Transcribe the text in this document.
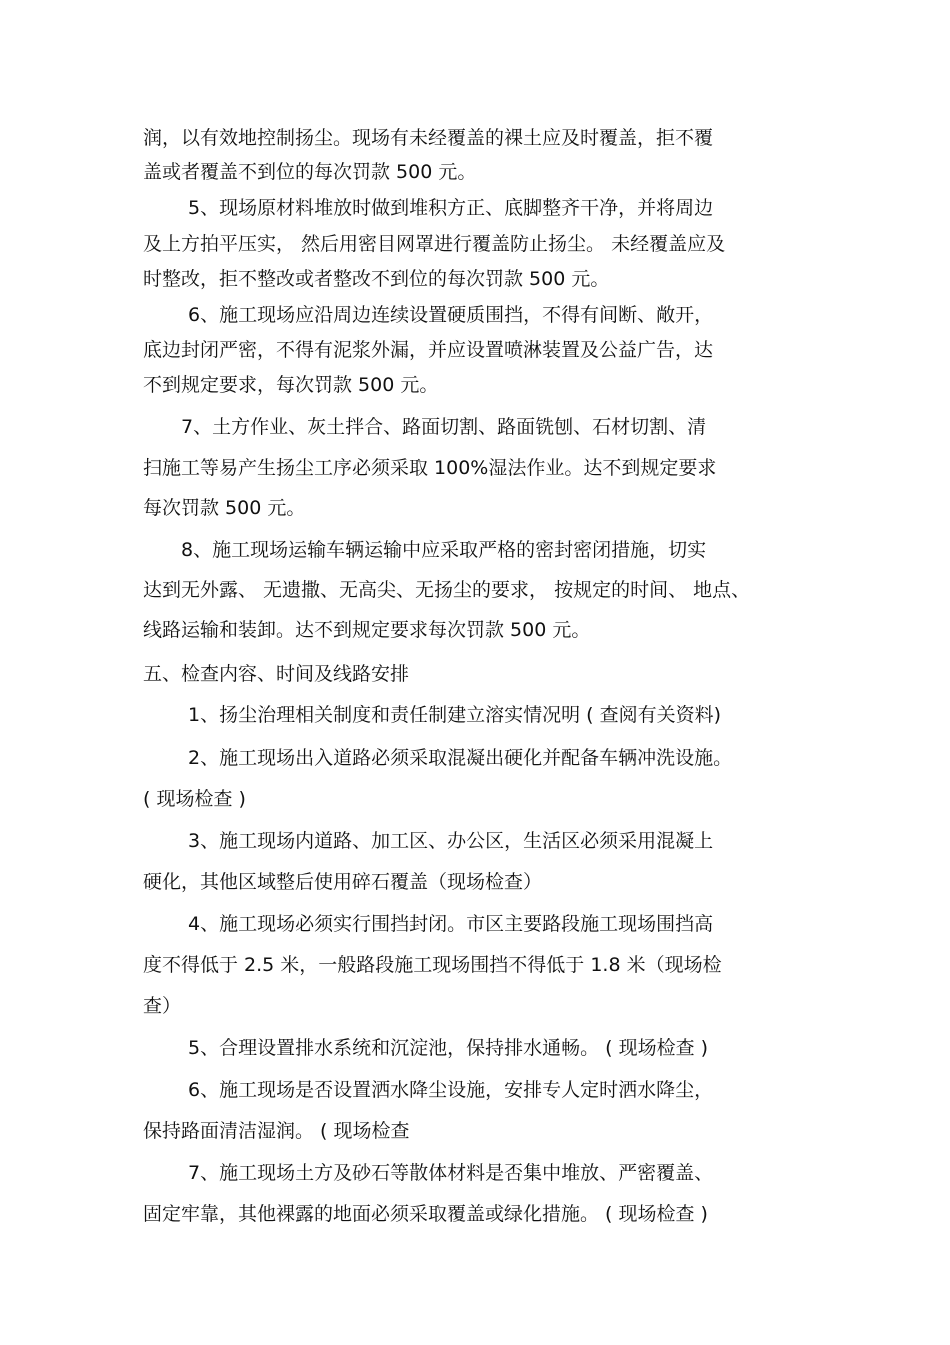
润，以有效地控制扬尘。现场有未经覆盖的裸土应及时覆盖，拒不覆
盖或者覆盖不到位的每次罚款 500 元。
5、现场原材料堆放时做到堆积方正、底脚整齐干净，并将周边
及上方拍平压实， 然后用密目网罩进行覆盖防止扬尘。 未经覆盖应及
时整改，拒不整改或者整改不到位的每次罚款 500 元。
6、施工现场应沿周边连续设置硬质围挡，不得有间断、敞开，
底边封闭严密，不得有泥浆外漏，并应设置喷淋装置及公益广告，达
不到规定要求，每次罚款 500 元。
7、土方作业、灰土拌合、路面切割、路面铣刨、石材切割、清
扫施工等易产生扬尘工序必须采取 100%湿法作业。达不到规定要求
每次罚款 500 元。
8、施工现场运输车辆运输中应采取严格的密封密闭措施，切实
达到无外露、 无遗撒、无高尖、无扬尘的要求， 按规定的时间、 地点、
线路运输和装卸。达不到规定要求每次罚款 500 元。
五、检查内容、时间及线路安排
1、扬尘治理相关制度和责任制建立溶实情况明 ( 查阅有关资料)
2、施工现场出入道路必须采取混凝出硬化并配备车辆冲洗设施。
( 现场检查 )
3、施工现场内道路、加工区、办公区，生活区必须采用混凝上
硬化，其他区域整后使用碎石覆盖（现场检查）
4、施工现场必须实行围挡封闭。市区主要路段施工现场围挡高
度不得低于 2.5 米，一般路段施工现场围挡不得低于 1.8 米（现场检
查）
5、合理设置排水系统和沉淀池，保持排水通畅。 ( 现场检查 )
6、施工现场是否设置洒水降尘设施，安排专人定时洒水降尘，
保持路面清洁湿润。 ( 现场检查
7、施工现场土方及砂石等散体材料是否集中堆放、严密覆盖、
固定牢靠，其他裸露的地面必须采取覆盖或绿化措施。 ( 现场检查 )
